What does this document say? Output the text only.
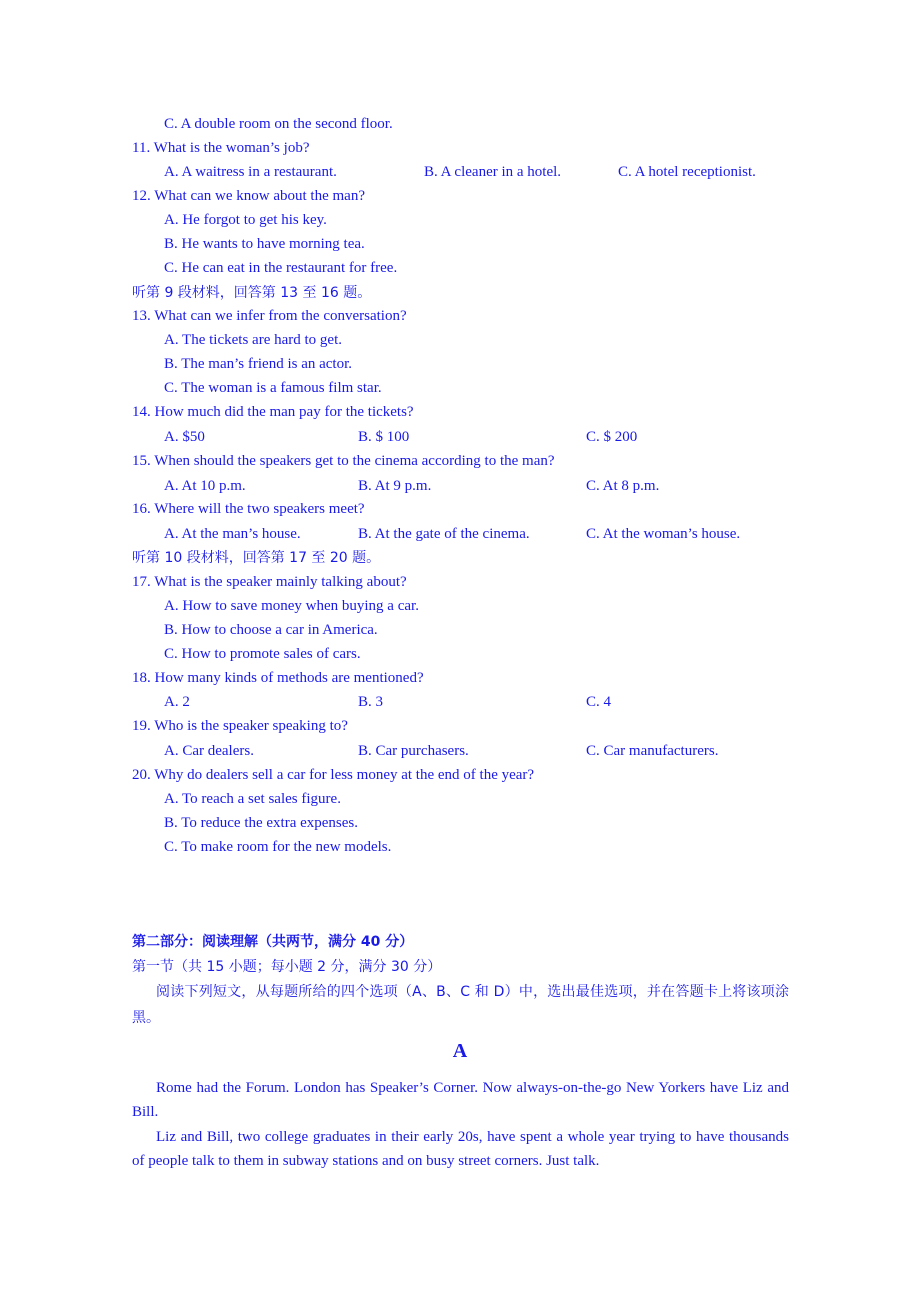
C. A double room on the second floor.
11. What is the woman’s job?
A. A waitress in a restaurant.	B. A cleaner in a hotel.	C. A hotel receptionist.
12. What can we know about the man?
A. He forgot to get his key.
B. He wants to have morning tea.
C. He can eat in the restaurant for free.
听第 9 段材料，回答第 13 至 16 题。
13. What can we infer from the conversation?
A. The tickets are hard to get.
B. The man’s friend is an actor.
C. The woman is a famous film star.
14. How much did the man pay for the tickets?
A. $50	B. $ 100	C. $ 200
15. When should the speakers get to the cinema according to the man?
A. At 10 p.m.	B. At 9 p.m.	C. At 8 p.m.
16. Where will the two speakers meet?
A. At the man’s house.	B. At the gate of the cinema.	C. At the woman’s house.
听第 10 段材料，回答第 17 至 20 题。
17. What is the speaker mainly talking about?
A. How to save money when buying a car.
B. How to choose a car in America.
C. How to promote sales of cars.
18. How many kinds of methods are mentioned?
A. 2	B. 3	C. 4
19. Who is the speaker speaking to?
A. Car dealers.	B. Car purchasers.	C. Car manufacturers.
20. Why do dealers sell a car for less money at the end of the year?
A. To reach a set sales figure.
B. To reduce the extra expenses.
C. To make room for the new models.
第二部分：阅读理解（共两节，满分 40 分）
第一节（共 15 小题；每小题 2 分，满分 30 分）
阅读下列短文，从每题所给的四个选项（A、B、C 和 D）中，选出最佳选项，并在答题卡上将该项涂黑。
A
Rome had the Forum. London has Speaker’s Corner. Now always-on-the-go New Yorkers have Liz and Bill.
Liz and Bill, two college graduates in their early 20s, have spent a whole year trying to have thousands of people talk to them in subway stations and on busy street corners. Just talk.
